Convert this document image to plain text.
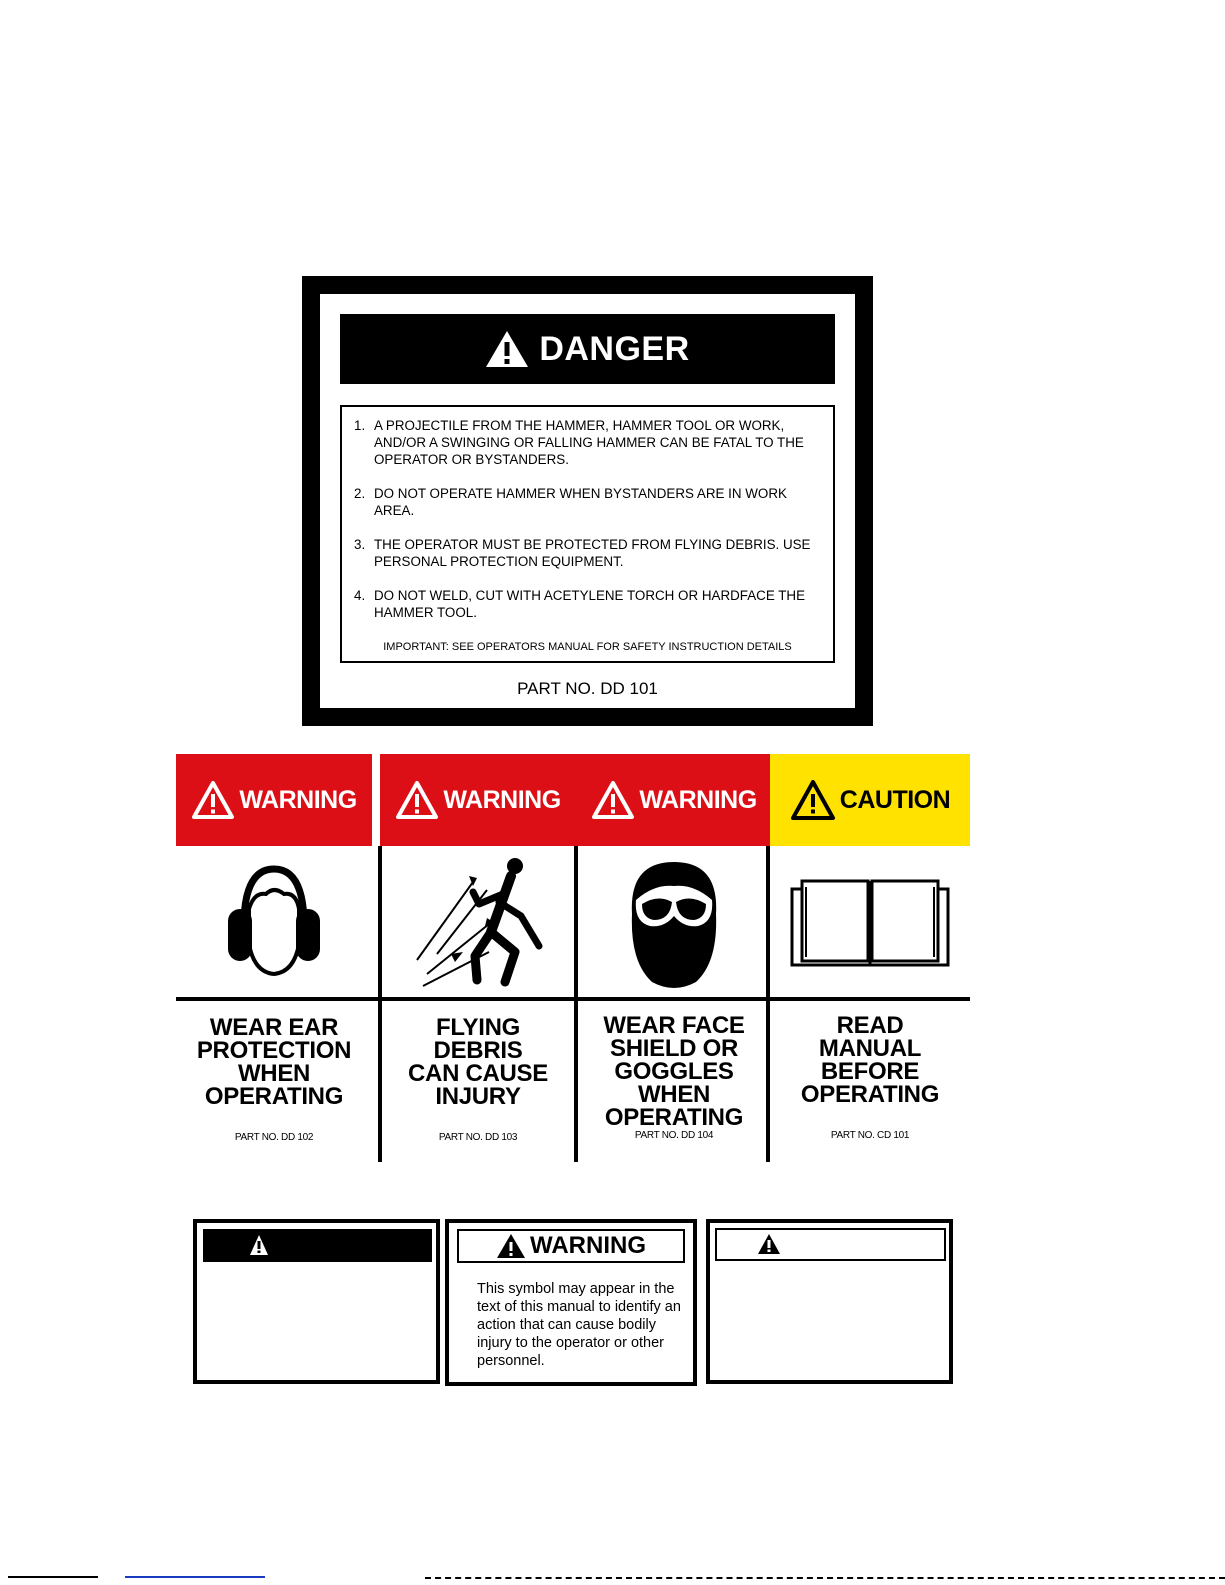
DANGER
1. A PROJECTILE FROM THE HAMMER, HAMMER TOOL OR WORK, AND/OR A SWINGING OR FALLING HAMMER CAN BE FATAL TO THE OPERATOR OR BYSTANDERS.
2. DO NOT OPERATE HAMMER WHEN BYSTANDERS ARE IN WORK AREA.
3. THE OPERATOR MUST BE PROTECTED FROM FLYING DEBRIS. USE PERSONAL PROTECTION EQUIPMENT.
4. DO NOT WELD, CUT WITH ACETYLENE TORCH OR HARDFACE THE HAMMER TOOL.
IMPORTANT: SEE OPERATORS MANUAL FOR SAFETY INSTRUCTION DETAILS
PART NO. DD 101
WARNING
WEAR EAR
PROTECTION
WHEN
OPERATING
PART NO. DD 102
WARNING
FLYING
DEBRIS
CAN CAUSE
INJURY
PART NO. DD 103
WARNING
WEAR FACE
SHIELD OR
GOGGLES
WHEN
OPERATING
PART NO. DD 104
CAUTION
READ
MANUAL
BEFORE
OPERATING
PART NO. CD 101
WARNING
This symbol may appear in the text of this manual to identify an action that can cause bodily injury to the operator or other personnel.
